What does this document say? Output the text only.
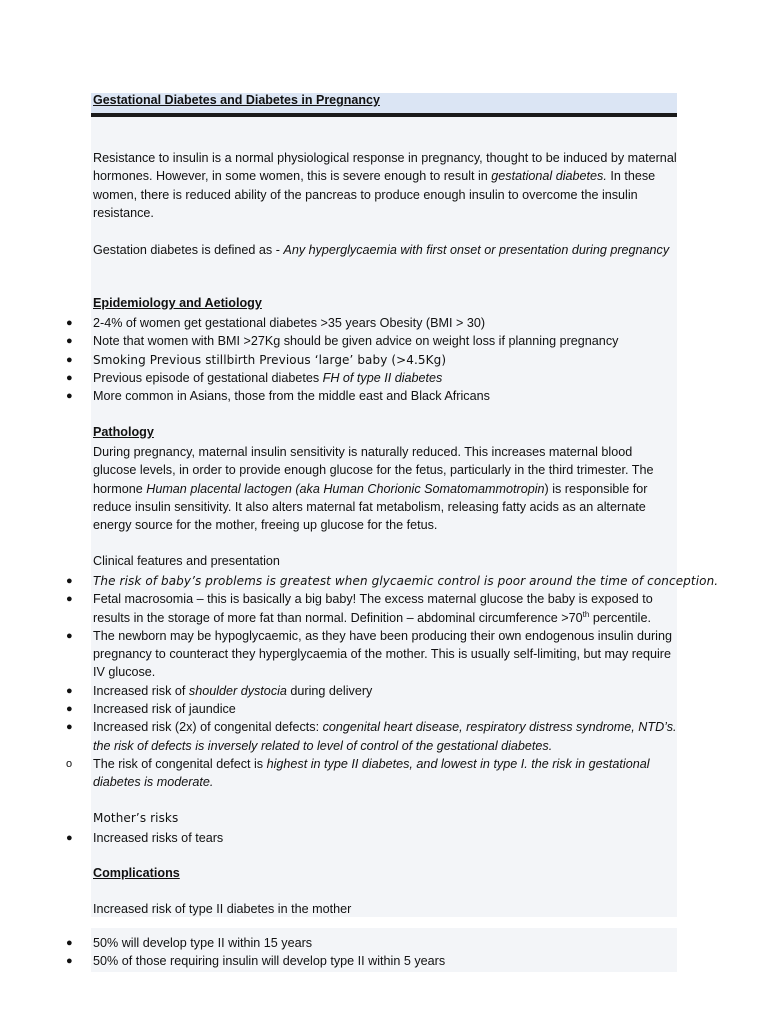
Gestational Diabetes and Diabetes in Pregnancy

Resistance to insulin is a normal physiological response in pregnancy, thought to be induced by maternal hormones. However, in some women, this is severe enough to result in gestational diabetes. In these women, there is reduced ability of the pancreas to produce enough insulin to overcome the insulin resistance.

Gestation diabetes is defined as - Any hyperglycaemia with first onset or presentation during pregnancy

Epidemiology and Aetiology
● 2-4% of women get gestational diabetes >35 years Obesity (BMI > 30)
● Note that women with BMI >27Kg should be given advice on weight loss if planning pregnancy
● Smoking Previous stillbirth Previous ‘large’ baby (>4.5Kg)
● Previous episode of gestational diabetes FH of type II diabetes
● More common in Asians, those from the middle east and Black Africans
Pathology

During pregnancy, maternal insulin sensitivity is naturally reduced. This increases maternal blood glucose levels, in order to provide enough glucose for the fetus, particularly in the third trimester. The hormone Human placental lactogen (aka Human Chorionic Somatomammotropin) is responsible for reduce insulin sensitivity. It also alters maternal fat metabolism, releasing fatty acids as an alternate energy source for the mother, freeing up glucose for the fetus.

Clinical features and presentation
● The risk of baby’s problems is greatest when glycaemic control is poor around the time of conception.
● Fetal macrosomia – this is basically a big baby! The excess maternal glucose the baby is exposed to results in the storage of more fat than normal. Definition – abdominal circumference >70th percentile.
● The newborn may be hypoglycaemic, as they have been producing their own endogenous insulin during pregnancy to counteract they hyperglycaemia of the mother. This is usually self-limiting, but may require IV glucose.
● Increased risk of shoulder dystocia during delivery
● Increased risk of jaundice
● Increased risk (2x) of congenital defects: congenital heart disease, respiratory distress syndrome, NTD’s. the risk of defects is inversely related to level of control of the gestational diabetes.
o The risk of congenital defect is highest in type II diabetes, and lowest in type I. the risk in gestational diabetes is moderate.
Mother’s risks
● Increased risks of tears
Complications
Increased risk of type II diabetes in the mother
● 50% will develop type II within 15 years
● 50% of those requiring insulin will develop type II within 5 years
